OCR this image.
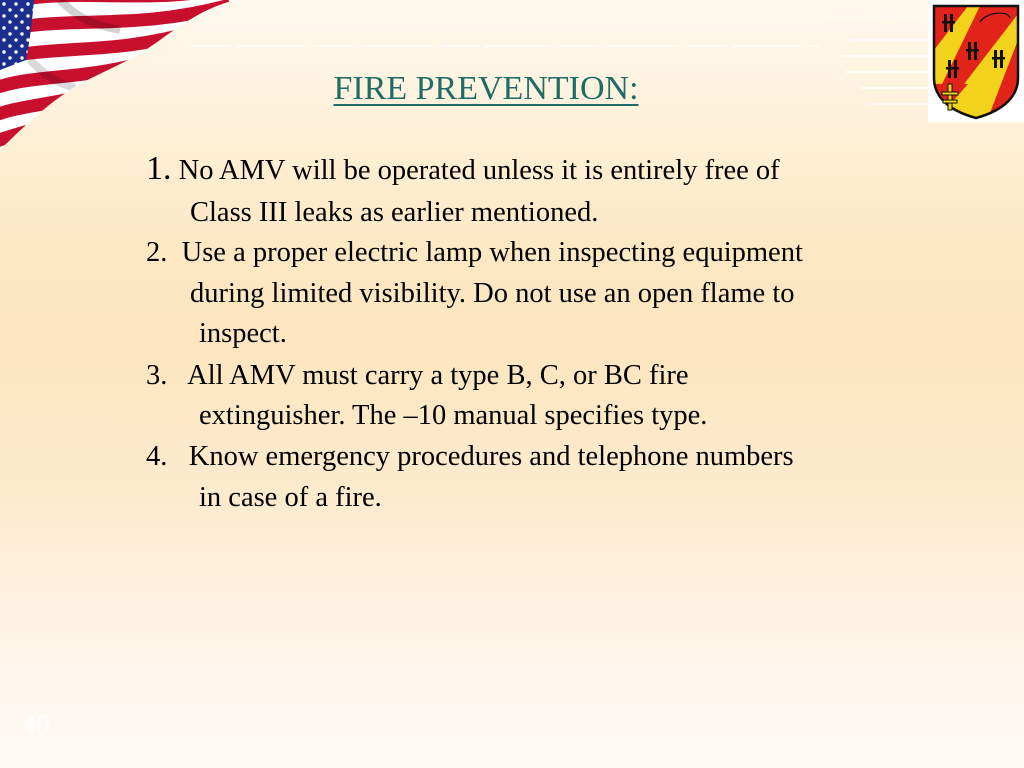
FIRE PREVENTION:
1. No AMV will be operated unless it is entirely free of
Class III leaks as earlier mentioned.
2.  Use a proper electric lamp when inspecting equipment
during limited visibility. Do not use an open flame to
inspect.
3.   All AMV must carry a type B, C, or BC fire
extinguisher. The –10 manual specifies type.
4.   Know emergency procedures and telephone numbers
in case of a fire.
40
